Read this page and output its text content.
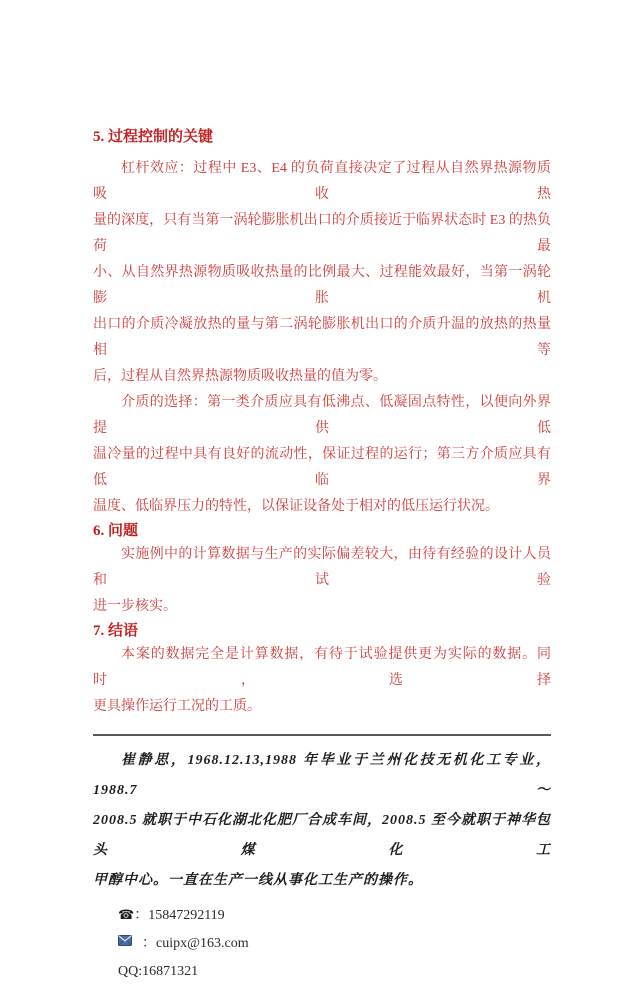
5. 过程控制的关键
杠杆效应：过程中 E3、E4 的负荷直接决定了过程从自然界热源物质吸收热
量的深度，只有当第一涡轮膨胀机出口的介质接近于临界状态时 E3 的热负荷最
小、从自然界热源物质吸收热量的比例最大、过程能效最好，当第一涡轮膨胀机
出口的介质冷凝放热的量与第二涡轮膨胀机出口的介质升温的放热的热量相等
后，过程从自然界热源物质吸收热量的值为零。
介质的选择：第一类介质应具有低沸点、低凝固点特性，以便向外界提供低
温冷量的过程中具有良好的流动性，保证过程的运行；第三方介质应具有低临界
温度、低临界压力的特性，以保证设备处于相对的低压运行状况。
6. 问题
实施例中的计算数据与生产的实际偏差较大，由待有经验的设计人员和试验
进一步核实。
7. 结语
本案的数据完全是计算数据，有待于试验提供更为实际的数据。同时，选择
更具操作运行工况的工质。
崔静思，1968.12.13,1988 年毕业于兰州化技无机化工专业，1988.7～
2008.5 就职于中石化湖北化肥厂合成车间，2008.5 至今就职于神华包头煤化工
甲醇中心。一直在生产一线从事化工生产的操作。
☎：15847292119
：cuipx@163.com
QQ:16871321
